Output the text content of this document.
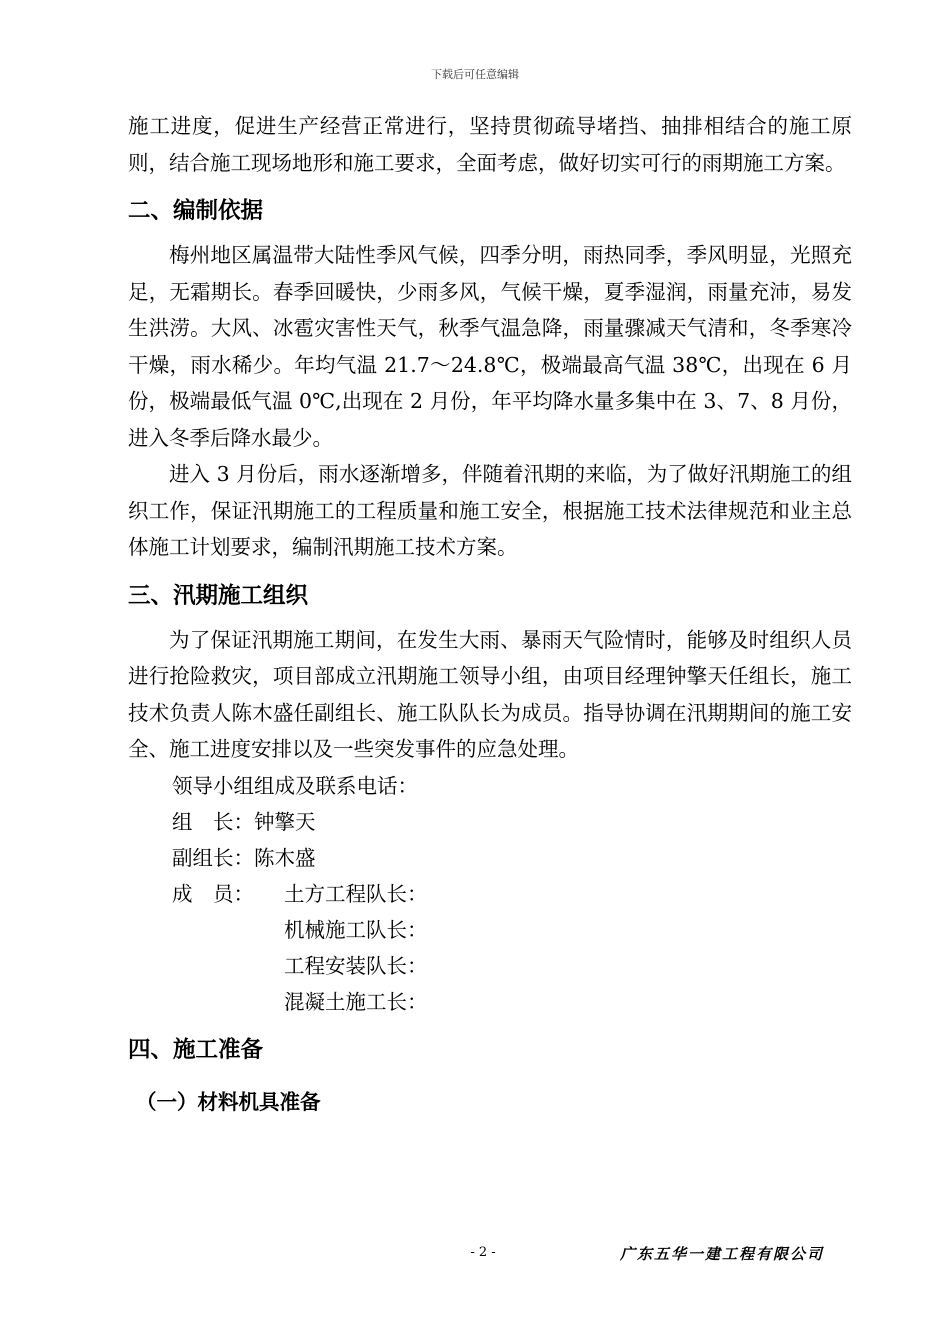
下载后可任意编辑

施工进度，促进生产经营正常进行，坚持贯彻疏导堵挡、抽排相结合的施工原则，结合施工现场地形和施工要求，全面考虑，做好切实可行的雨期施工方案。

二、编制依据

梅州地区属温带大陆性季风气候，四季分明，雨热同季，季风明显，光照充足，无霜期长。春季回暖快，少雨多风，气候干燥，夏季湿润，雨量充沛，易发生洪涝。大风、冰雹灾害性天气，秋季气温急降，雨量骤减天气清和，冬季寒冷干燥，雨水稀少。年均气温 21.7～24.8℃，极端最高气温 38℃，出现在 6 月份，极端最低气温 0℃,出现在 2 月份，年平均降水量多集中在 3、7、8 月份，进入冬季后降水最少。

进入 3 月份后，雨水逐渐增多，伴随着汛期的来临，为了做好汛期施工的组织工作，保证汛期施工的工程质量和施工安全，根据施工技术法律规范和业主总体施工计划要求，编制汛期施工技术方案。

三、汛期施工组织

为了保证汛期施工期间，在发生大雨、暴雨天气险情时，能够及时组织人员进行抢险救灾，项目部成立汛期施工领导小组，由项目经理钟擎天任组长，施工技术负责人陈木盛任副组长、施工队队长为成员。指导协调在汛期期间的施工安全、施工进度安排以及一些突发事件的应急处理。

领导小组组成及联系电话：

组　长：钟擎天

副组长：陈木盛

成　员：	土方工程队长：
机械施工队长：
工程安装队长：
混凝土施工长：
四、施工准备
（一）材料机具准备
- 2 -	广东五华一建工程有限公司
